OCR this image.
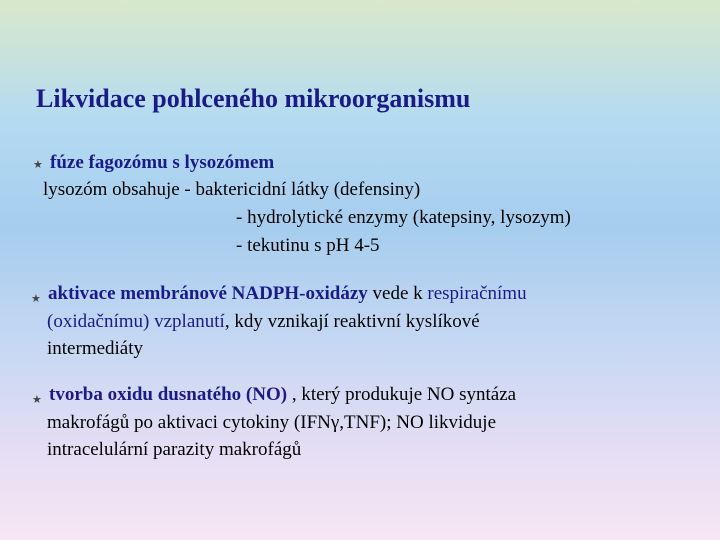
Likvidace pohlceného mikroorganismu
★ fúze fagozómu s lysozómem
lysozóm obsahuje - baktericidní látky (defensiny)
- hydrolytické enzymy (katepsiny, lysozym)
- tekutinu s pH 4-5
★ aktivace membránové NADPH-oxidázy vede k respiračnímu
(oxidačnímu) vzplanutí, kdy vznikají reaktivní kyslíkové
intermediáty
★ tvorba oxidu dusnatého (NO) , který produkuje NO syntáza
makrofágů po aktivaci cytokiny (IFNγ,TNF); NO likviduje
intracelulární parazity makrofágů
